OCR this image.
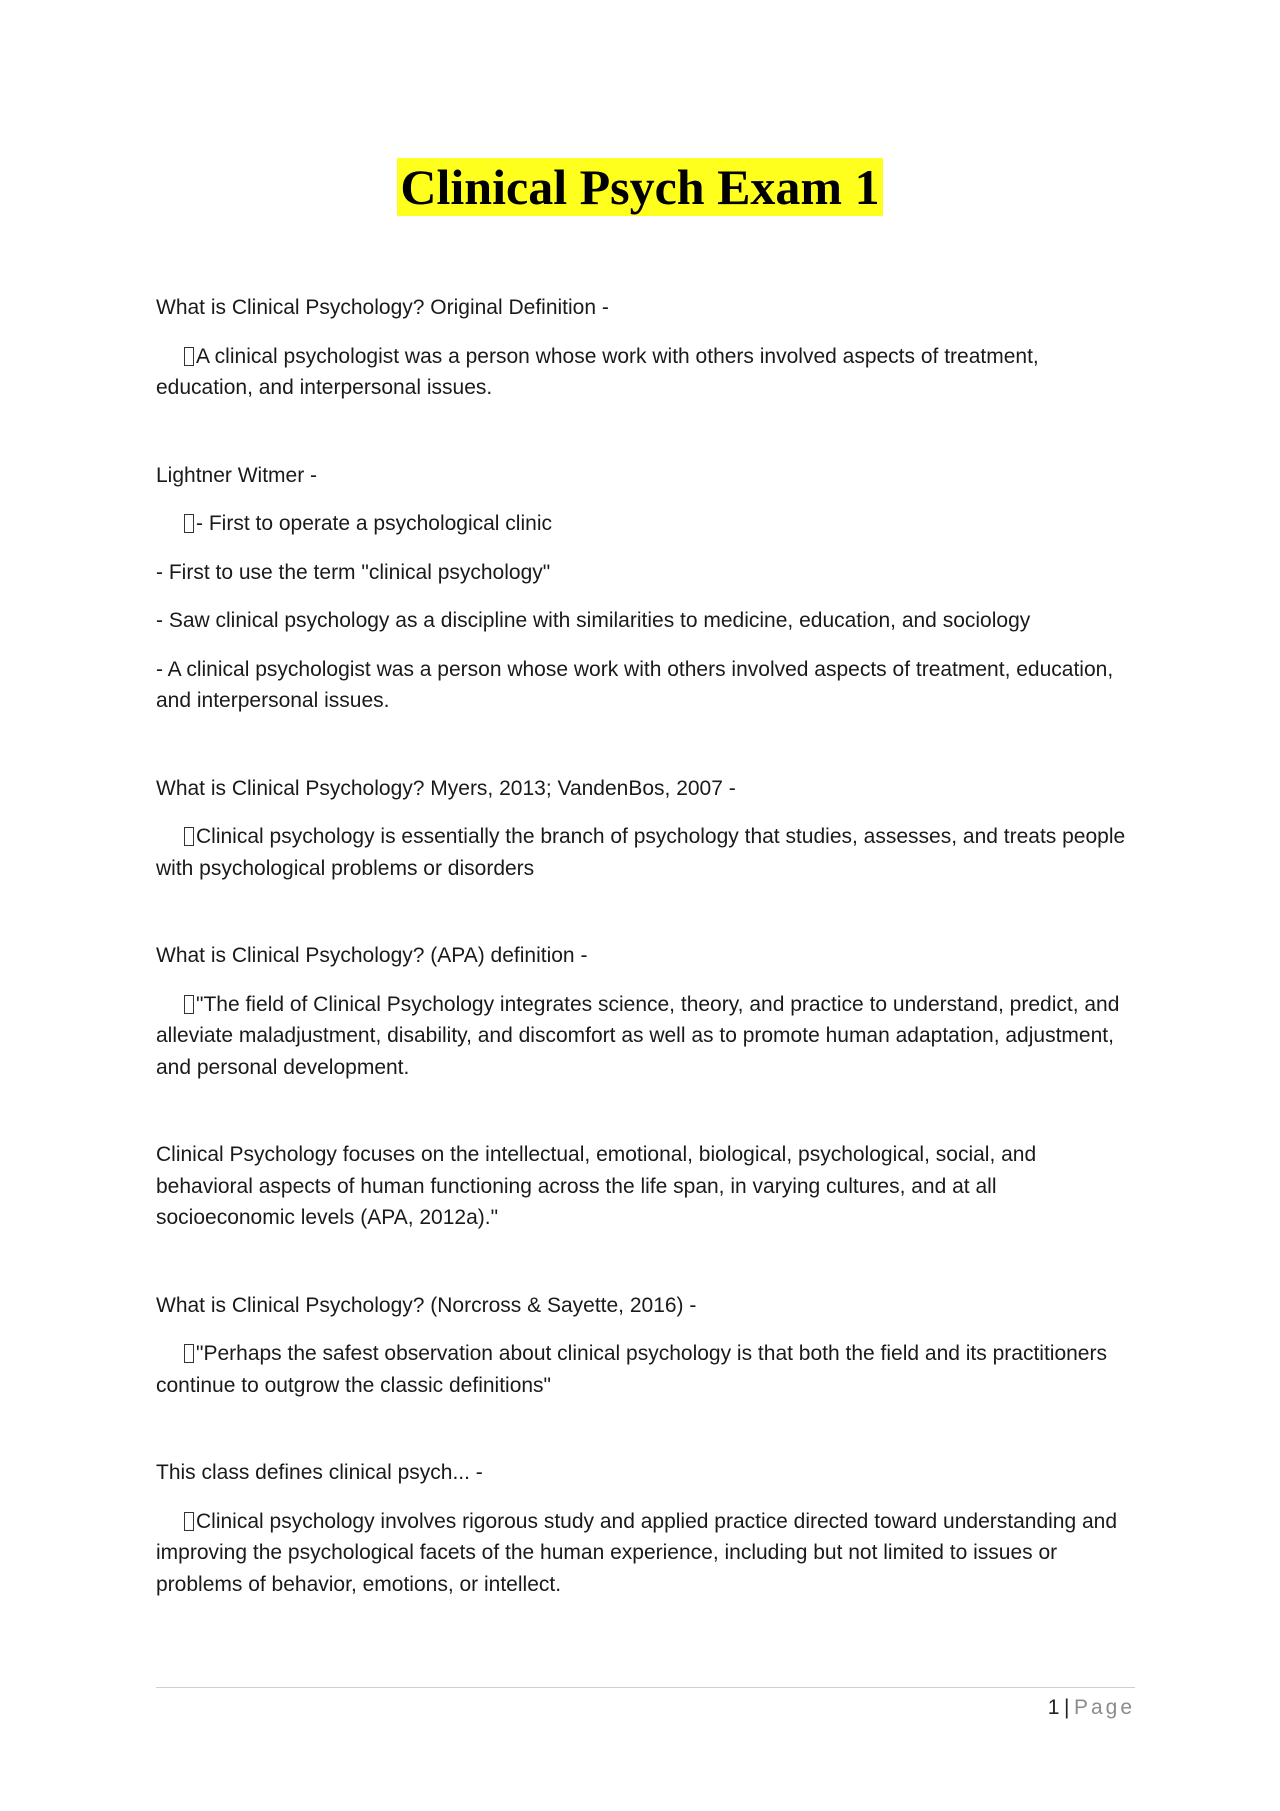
Clinical Psych Exam 1

What is Clinical Psychology? Original Definition -

A clinical psychologist was a person whose work with others involved aspects of treatment, education, and interpersonal issues.

Lightner Witmer -

- First to operate a psychological clinic

- First to use the term "clinical psychology"

- Saw clinical psychology as a discipline with similarities to medicine, education, and sociology

- A clinical psychologist was a person whose work with others involved aspects of treatment, education, and interpersonal issues.

What is Clinical Psychology? Myers, 2013; VandenBos, 2007 -

Clinical psychology is essentially the branch of psychology that studies, assesses, and treats people with psychological problems or disorders

What is Clinical Psychology? (APA) definition -

"The field of Clinical Psychology integrates science, theory, and practice to understand, predict, and alleviate maladjustment, disability, and discomfort as well as to promote human adaptation, adjustment, and personal development.

Clinical Psychology focuses on the intellectual, emotional, biological, psychological, social, and behavioral aspects of human functioning across the life span, in varying cultures, and at all socioeconomic levels (APA, 2012a)."

What is Clinical Psychology? (Norcross & Sayette, 2016) -

"Perhaps the safest observation about clinical psychology is that both the field and its practitioners continue to outgrow the classic definitions"

This class defines clinical psych... -

Clinical psychology involves rigorous study and applied practice directed toward understanding and improving the psychological facets of the human experience, including but not limited to issues or problems of behavior, emotions, or intellect.

1 | Page
